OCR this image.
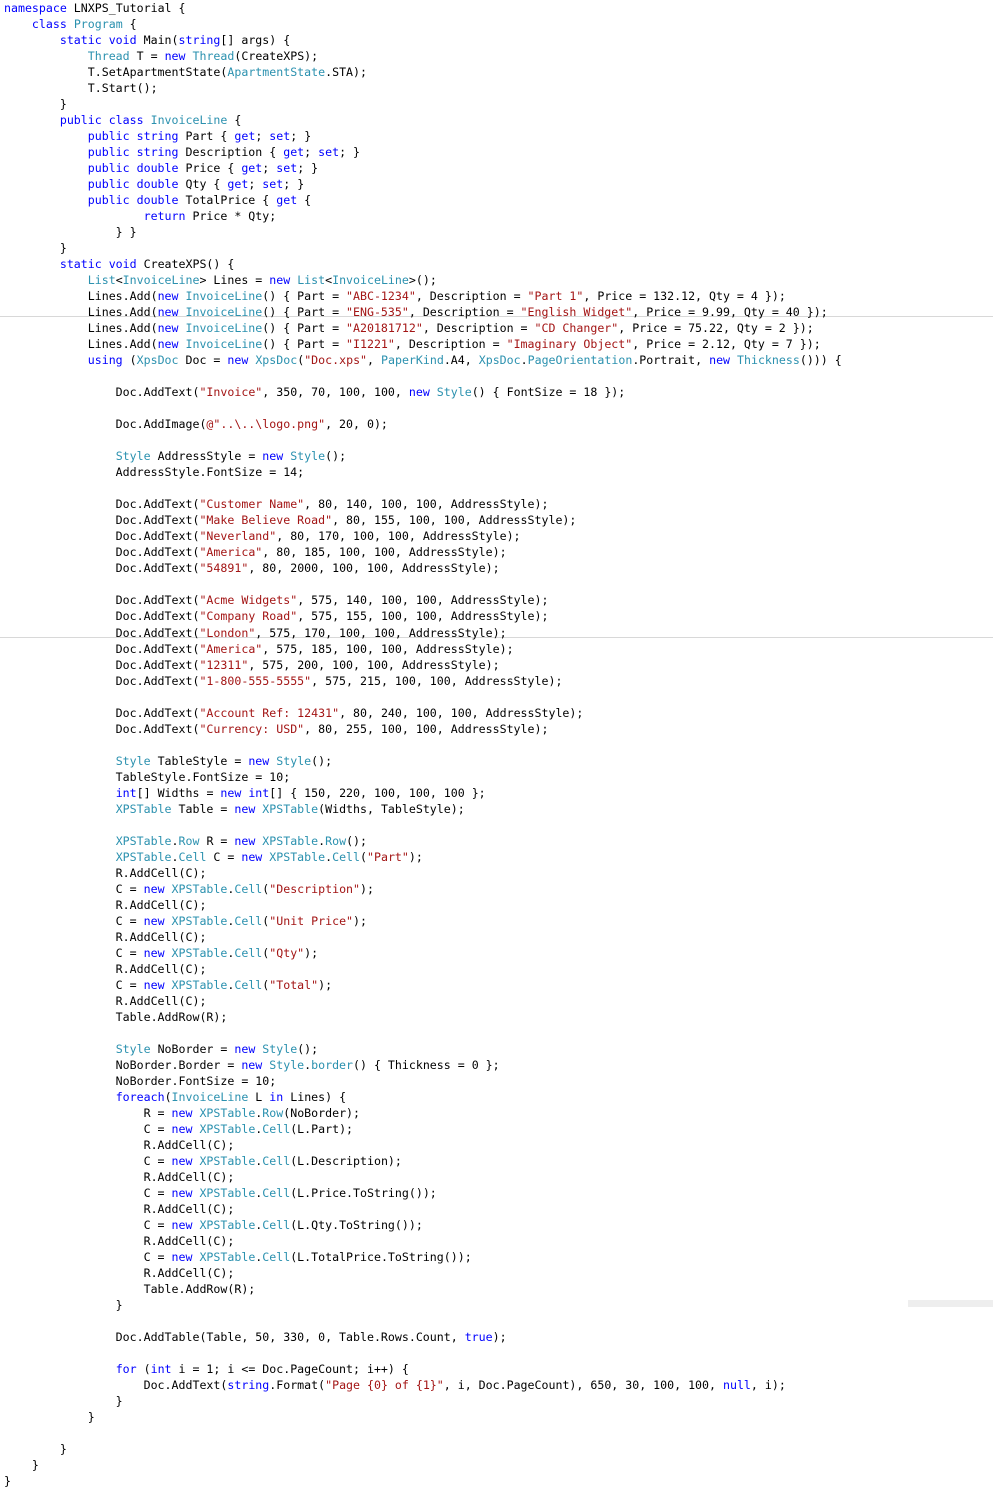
namespace LNXPS_Tutorial {
class Program {
static void Main(string[] args) {
Thread T = new Thread(CreateXPS);
T.SetApartmentState(ApartmentState.STA);
T.Start();
}
public class InvoiceLine {
public string Part { get; set; }
public string Description { get; set; }
public double Price { get; set; }
public double Qty { get; set; }
public double TotalPrice { get {
return Price * Qty;
} }
}
static void CreateXPS() {
List<InvoiceLine> Lines = new List<InvoiceLine>();
Lines.Add(new InvoiceLine() { Part = "ABC-1234", Description = "Part 1", Price = 132.12, Qty = 4 });
Lines.Add(new InvoiceLine() { Part = "ENG-535", Description = "English Widget", Price = 9.99, Qty = 40 });
Lines.Add(new InvoiceLine() { Part = "A20181712", Description = "CD Changer", Price = 75.22, Qty = 2 });
Lines.Add(new InvoiceLine() { Part = "I1221", Description = "Imaginary Object", Price = 2.12, Qty = 7 });
using (XpsDoc Doc = new XpsDoc("Doc.xps", PaperKind.A4, XpsDoc.PageOrientation.Portrait, new Thickness())) {
Doc.AddText("Invoice", 350, 70, 100, 100, new Style() { FontSize = 18 });
Doc.AddImage(@"..\..\logo.png", 20, 0);
Style AddressStyle = new Style();
AddressStyle.FontSize = 14;
Doc.AddText("Customer Name", 80, 140, 100, 100, AddressStyle);
Doc.AddText("Make Believe Road", 80, 155, 100, 100, AddressStyle);
Doc.AddText("Neverland", 80, 170, 100, 100, AddressStyle);
Doc.AddText("America", 80, 185, 100, 100, AddressStyle);
Doc.AddText("54891", 80, 2000, 100, 100, AddressStyle);
Doc.AddText("Acme Widgets", 575, 140, 100, 100, AddressStyle);
Doc.AddText("Company Road", 575, 155, 100, 100, AddressStyle);
Doc.AddText("London", 575, 170, 100, 100, AddressStyle);
Doc.AddText("America", 575, 185, 100, 100, AddressStyle);
Doc.AddText("12311", 575, 200, 100, 100, AddressStyle);
Doc.AddText("1-800-555-5555", 575, 215, 100, 100, AddressStyle);
Doc.AddText("Account Ref: 12431", 80, 240, 100, 100, AddressStyle);
Doc.AddText("Currency: USD", 80, 255, 100, 100, AddressStyle);
Style TableStyle = new Style();
TableStyle.FontSize = 10;
int[] Widths = new int[] { 150, 220, 100, 100, 100 };
XPSTable Table = new XPSTable(Widths, TableStyle);
XPSTable.Row R = new XPSTable.Row();
XPSTable.Cell C = new XPSTable.Cell("Part");
R.AddCell(C);
C = new XPSTable.Cell("Description");
R.AddCell(C);
C = new XPSTable.Cell("Unit Price");
R.AddCell(C);
C = new XPSTable.Cell("Qty");
R.AddCell(C);
C = new XPSTable.Cell("Total");
R.AddCell(C);
Table.AddRow(R);
Style NoBorder = new Style();
NoBorder.Border = new Style.border() { Thickness = 0 };
NoBorder.FontSize = 10;
foreach(InvoiceLine L in Lines) {
R = new XPSTable.Row(NoBorder);
C = new XPSTable.Cell(L.Part);
R.AddCell(C);
C = new XPSTable.Cell(L.Description);
R.AddCell(C);
C = new XPSTable.Cell(L.Price.ToString());
R.AddCell(C);
C = new XPSTable.Cell(L.Qty.ToString());
R.AddCell(C);
C = new XPSTable.Cell(L.TotalPrice.ToString());
R.AddCell(C);
Table.AddRow(R);
}
Doc.AddTable(Table, 50, 330, 0, Table.Rows.Count, true);
for (int i = 1; i <= Doc.PageCount; i++) {
Doc.AddText(string.Format("Page {0} of {1}", i, Doc.PageCount), 650, 30, 100, 100, null, i);
}
}
}
}
}
